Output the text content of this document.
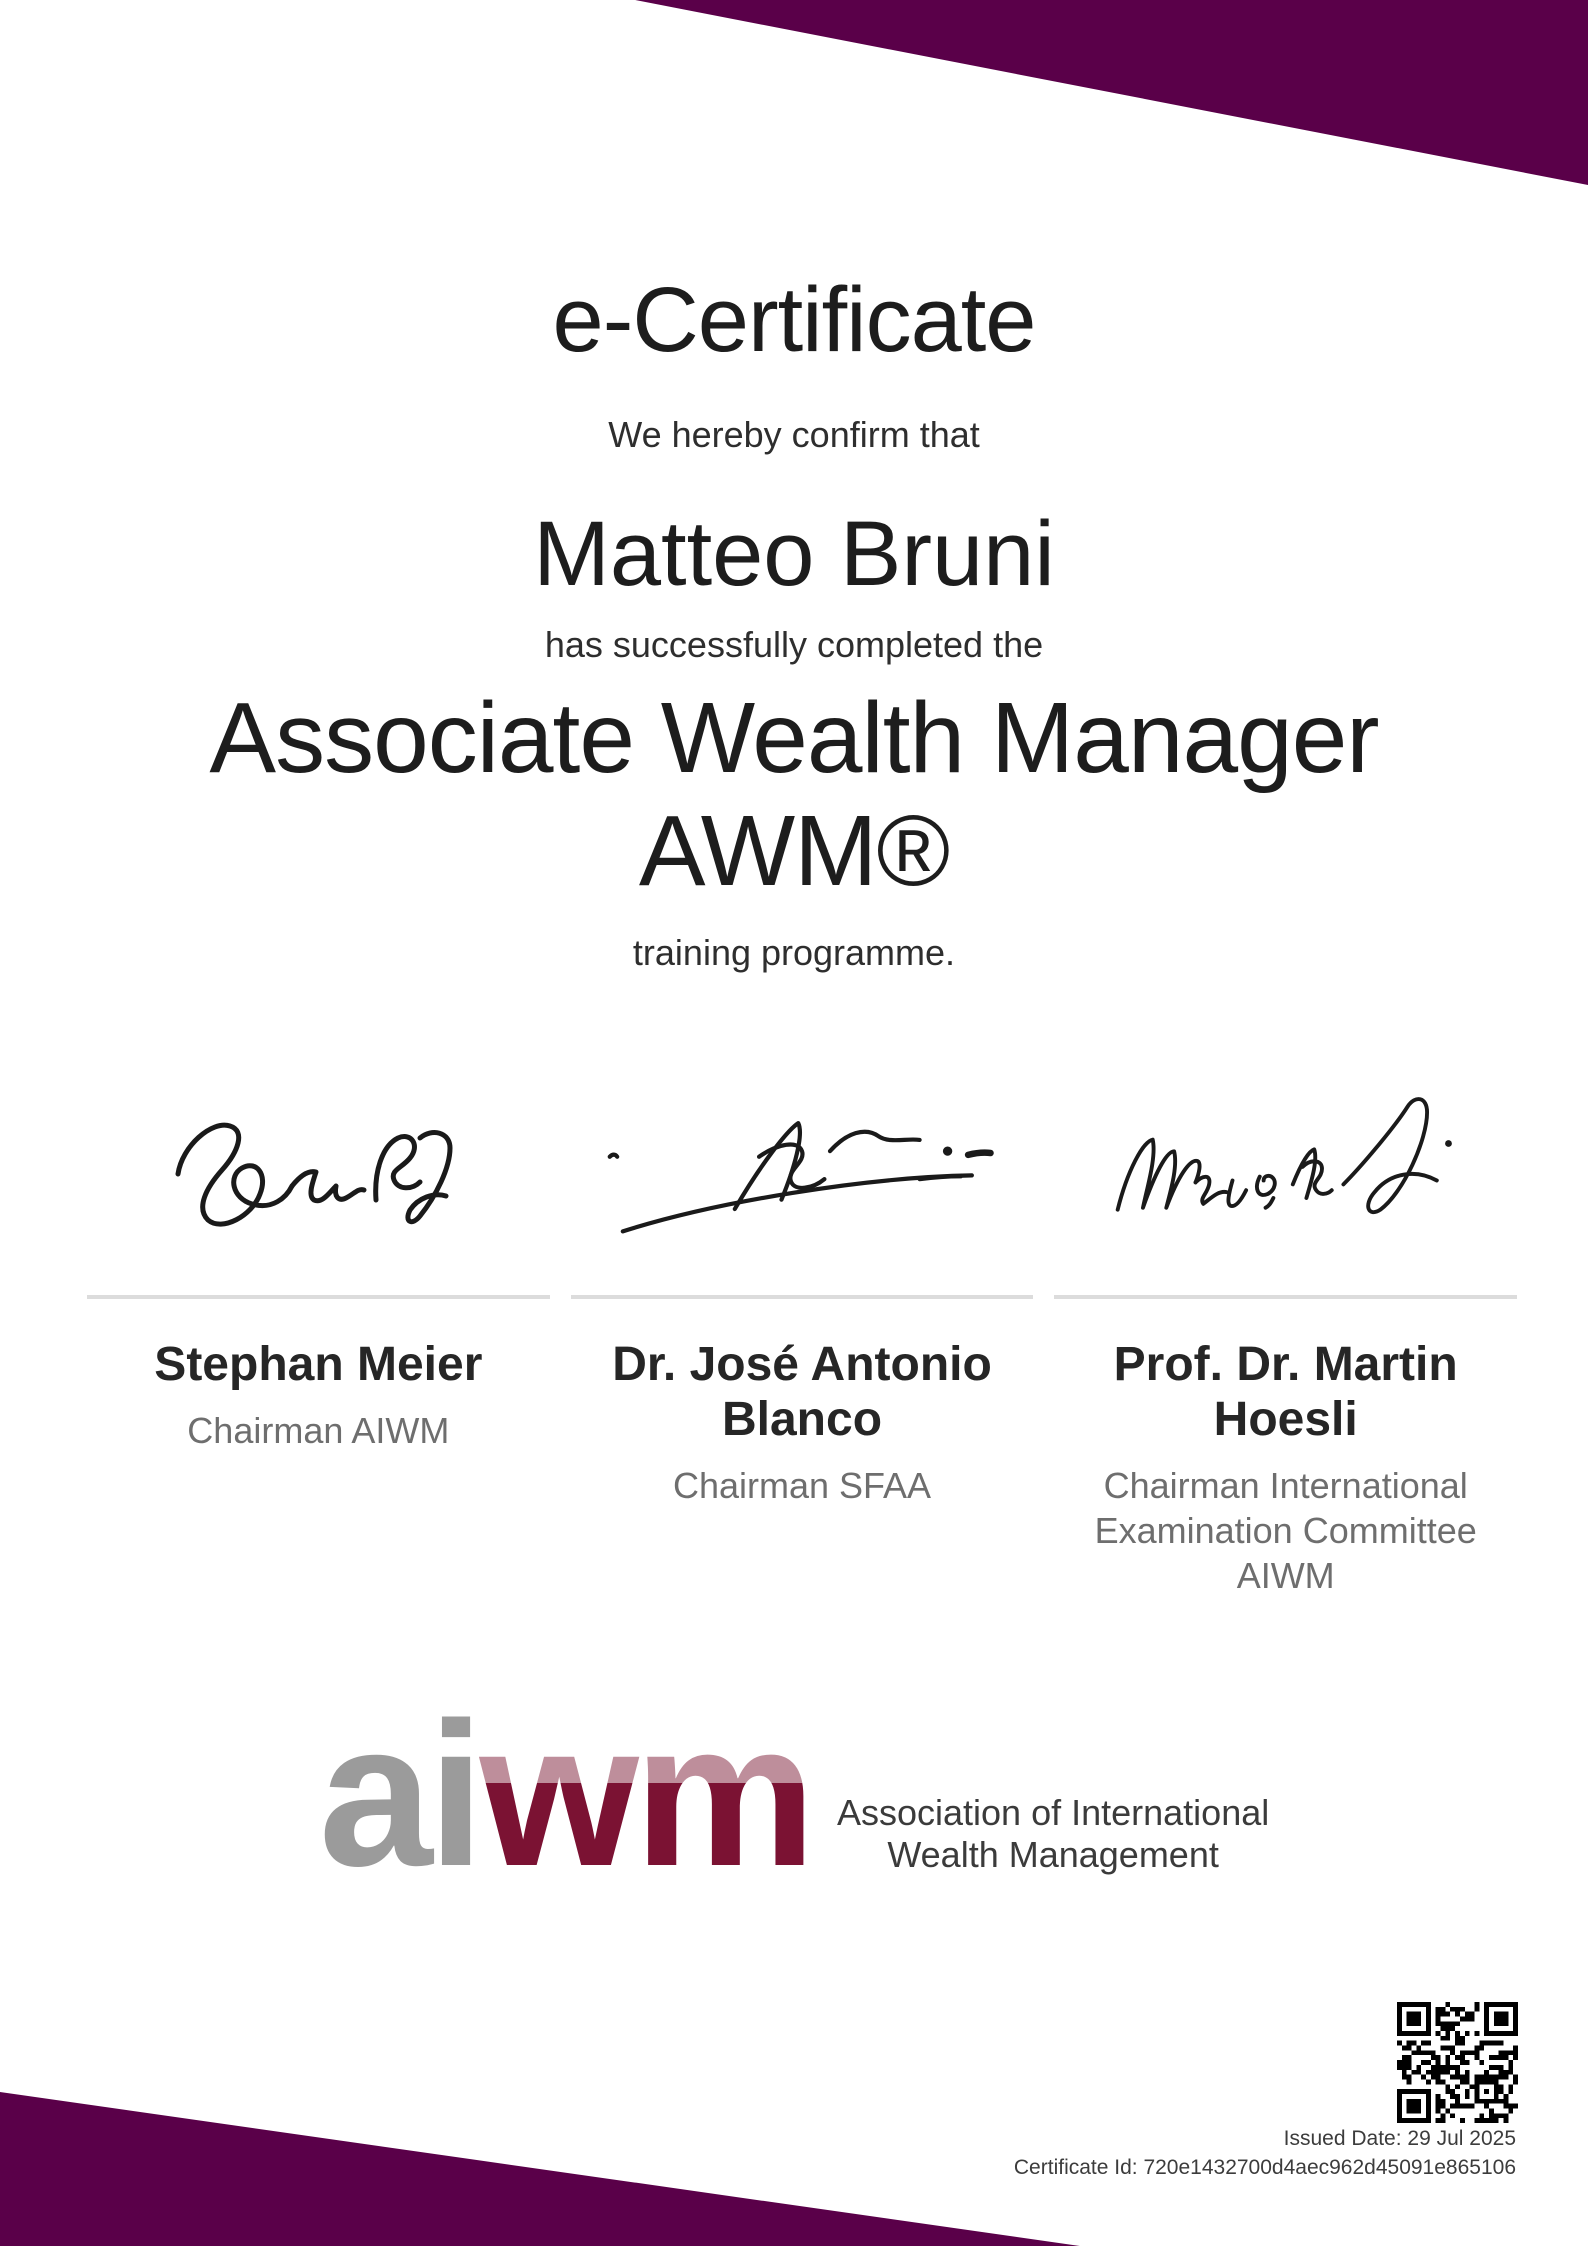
e-Certificate
We hereby confirm that
Matteo Bruni
has successfully completed the
Associate Wealth Manager
AWM®
training programme.
Stephan Meier
Chairman AIWM
Dr. José Antonio Blanco
Chairman SFAA
Prof. Dr. Martin Hoesli
Chairman International Examination Committee AIWM
aiwm Association of International
Wealth Management
Issued Date: 29 Jul 2025
Certificate Id: 720e1432700d4aec962d45091e865106
